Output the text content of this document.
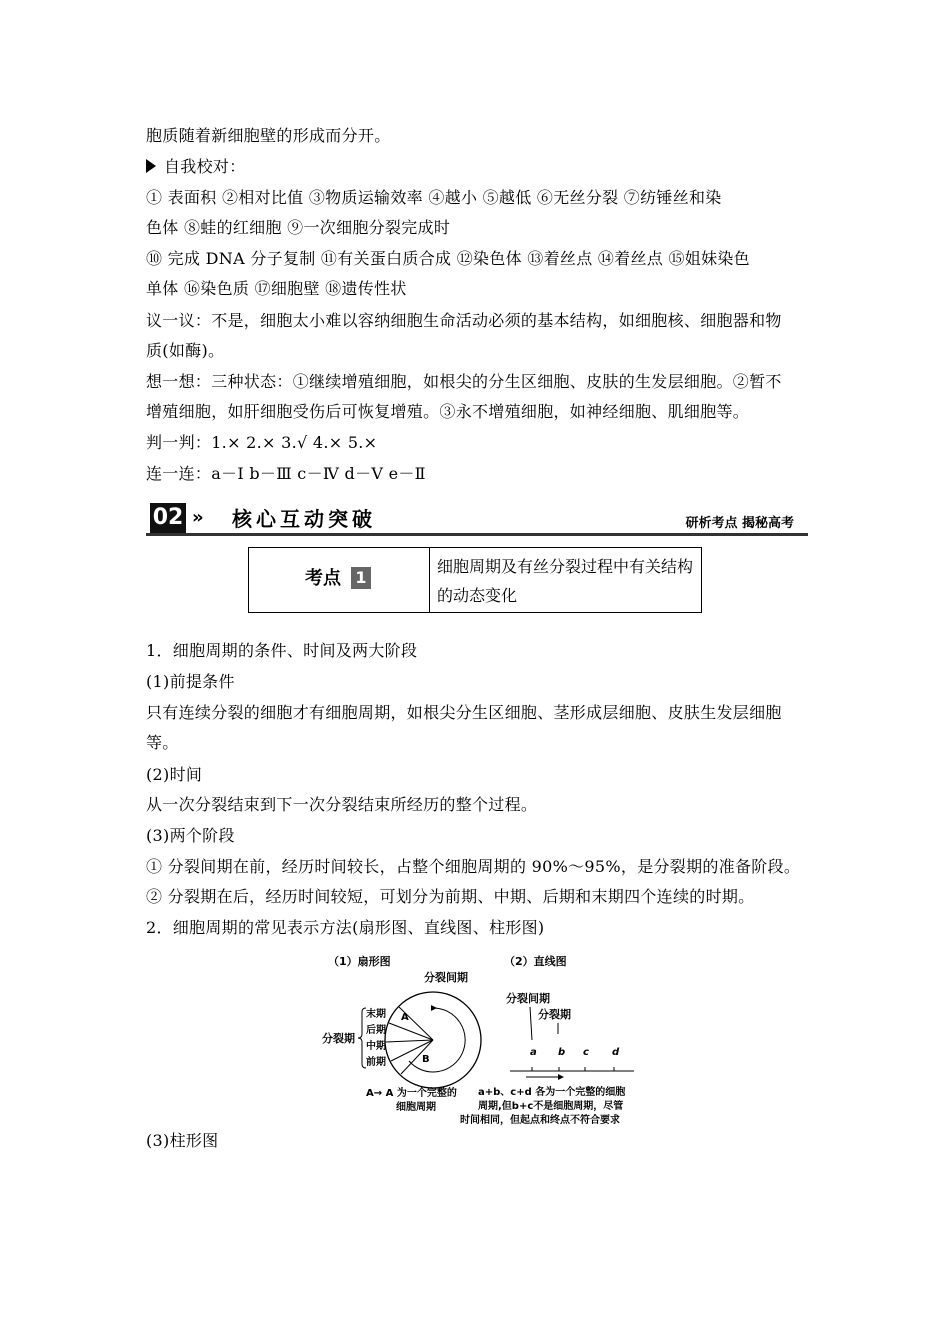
胞质随着新细胞壁的形成而分开。
自我校对：
① 表面积 ②相对比值 ③物质运输效率 ④越小 ⑤越低 ⑥无丝分裂 ⑦纺锤丝和染
色体 ⑧蛙的红细胞 ⑨一次细胞分裂完成时
⑩ 完成 DNA 分子复制 ⑪有关蛋白质合成 ⑫染色体 ⑬着丝点 ⑭着丝点 ⑮姐妹染色
单体 ⑯染色质 ⑰细胞壁 ⑱遗传性状
议一议：不是，细胞太小难以容纳细胞生命活动必须的基本结构，如细胞核、细胞器和物
质(如酶)。
想一想：三种状态：①继续增殖细胞，如根尖的分生区细胞、皮肤的生发层细胞。②暂不
增殖细胞，如肝细胞受伤后可恢复增殖。③永不增殖细胞，如神经细胞、肌细胞等。
判一判：1.× 2.× 3.√ 4.× 5.×
连一连：a－Ⅰ b－Ⅲ c－Ⅳ d－Ⅴ e－Ⅱ
02 » 核心互动突破	研析考点 揭秘高考
考点 1
细胞周期及有丝分裂过程中有关结构的动态变化
1．细胞周期的条件、时间及两大阶段
(1)前提条件
只有连续分裂的细胞才有细胞周期，如根尖分生区细胞、茎形成层细胞、皮肤生发层细胞
等。
(2)时间
从一次分裂结束到下一次分裂结束所经历的整个过程。
(3)两个阶段
① 分裂间期在前，经历时间较长，占整个细胞周期的 90%～95%，是分裂期的准备阶段。
② 分裂期在后，经历时间较短，可划分为前期、中期、后期和末期四个连续的时期。
2．细胞周期的常见表示方法(扇形图、直线图、柱形图)
（1）扇形图
分裂间期
A
B
末期
后期
中期
前期
分裂期
A→ A 为一个完整的
细胞周期
（2）直线图
分裂间期
分裂期
a b c d
a+b、c+d 各为一个完整的细胞
周期,但b+c不是细胞周期，尽管
时间相同，但起点和终点不符合要求
(3)柱形图
